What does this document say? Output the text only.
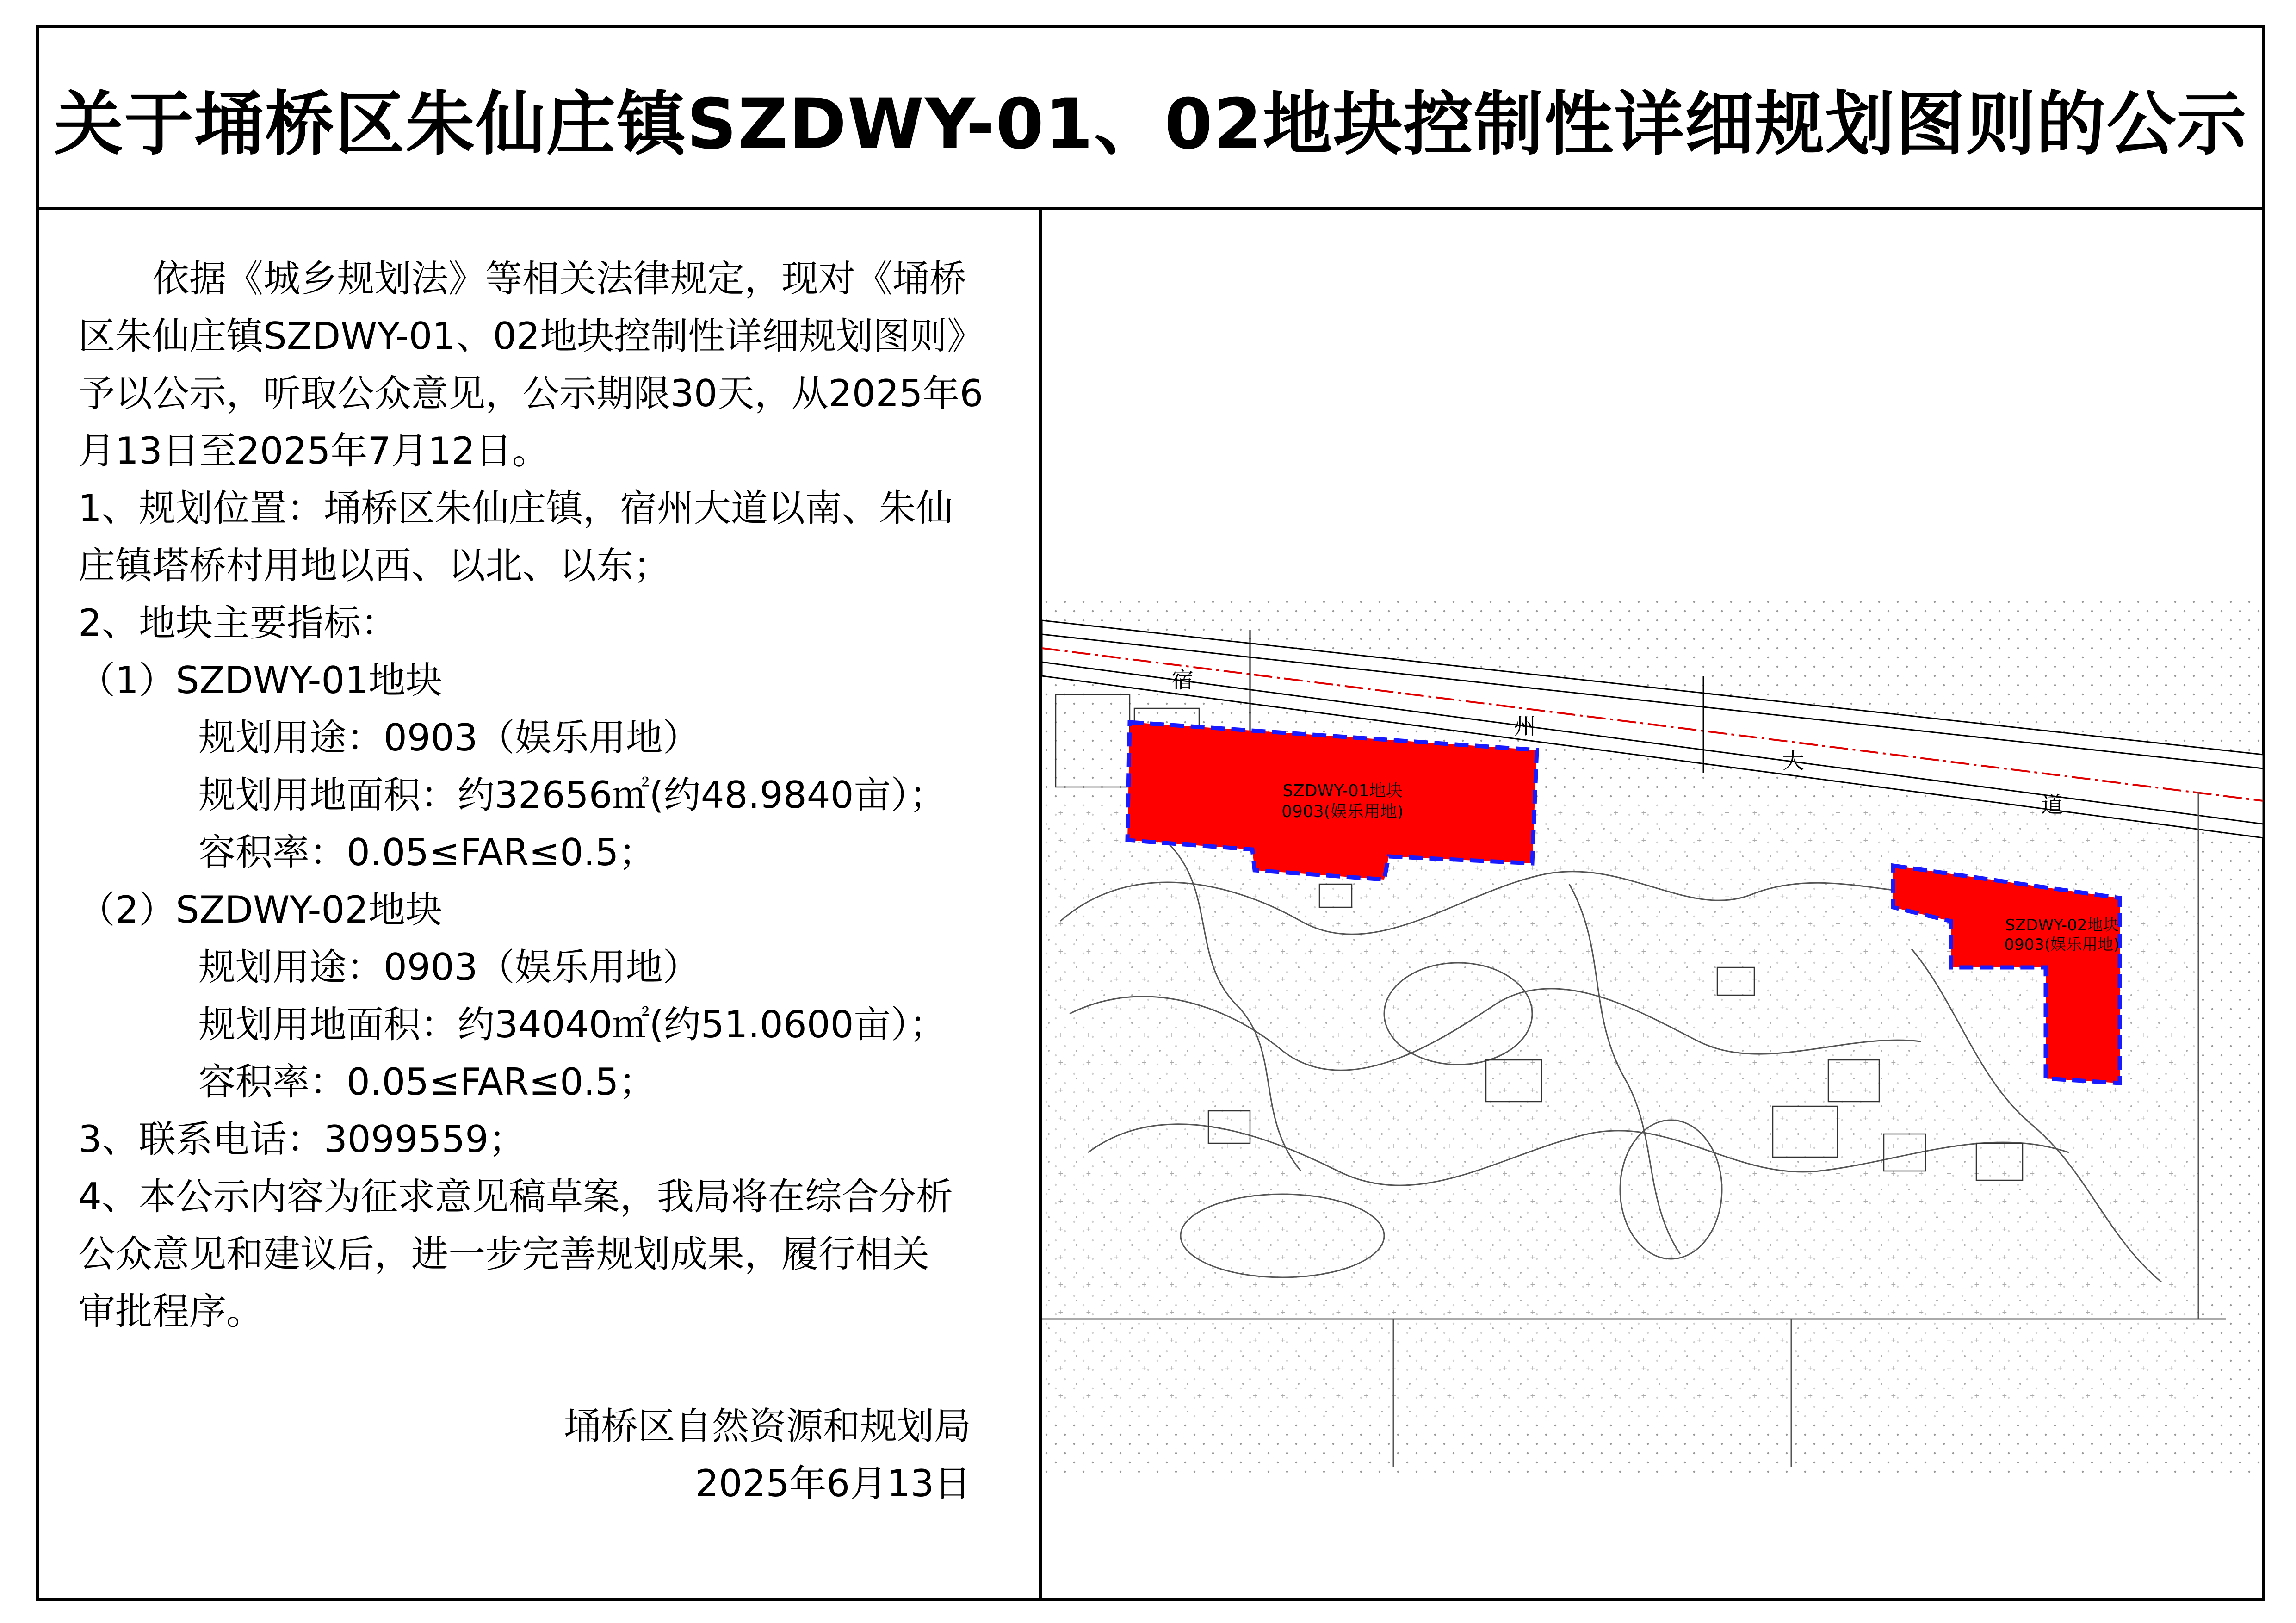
关于埇桥区朱仙庄镇SZDWY-01、02地块控制性详细规划图则的公示
依据《城乡规划法》等相关法律规定，现对《埇桥
区朱仙庄镇SZDWY-01、02地块控制性详细规划图则》
予以公示，听取公众意见，公示期限30天，从2025年6
月13日至2025年7月12日。
1、规划位置：埇桥区朱仙庄镇，宿州大道以南、朱仙
庄镇塔桥村用地以西、以北、以东；
2、地块主要指标：
（1）SZDWY-01地块
规划用途：0903（娱乐用地）
规划用地面积：约32656㎡(约48.9840亩）；
容积率：0.05≤FAR≤0.5；
（2）SZDWY-02地块
规划用途：0903（娱乐用地）
规划用地面积：约34040㎡(约51.0600亩）；
容积率：0.05≤FAR≤0.5；
3、联系电话：3099559；
4、本公示内容为征求意见稿草案，我局将在综合分析
公众意见和建议后，进一步完善规划成果，履行相关
审批程序。
埇桥区自然资源和规划局
2025年6月13日
宿
州
大
道
SZDWY-01地块
0903(娱乐用地)
SZDWY-02地块
0903(娱乐用地)
